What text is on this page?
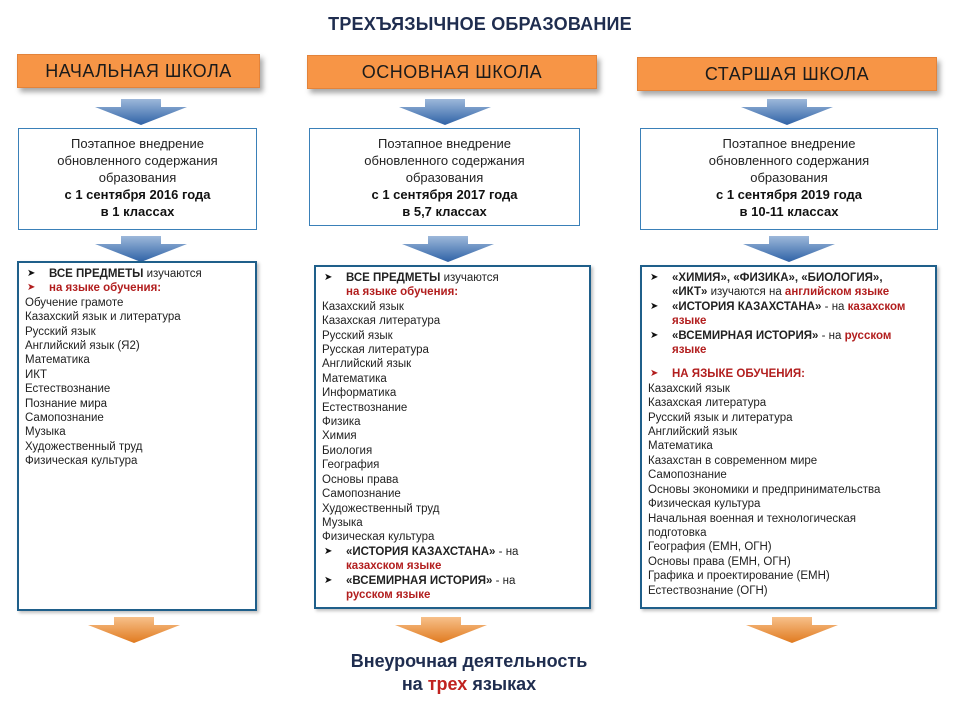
ТРЕХЪЯЗЫЧНОЕ ОБРАЗОВАНИЕ
НАЧАЛЬНАЯ ШКОЛА	ОСНОВНАЯ ШКОЛА	СТАРШАЯ ШКОЛА
Поэтапное внедрение
обновленного содержания
образования
с 1 сентября 2016 года
в 1 классах
Поэтапное внедрение
обновленного содержания
образования
с 1 сентября 2017 года
в 5,7 классах
Поэтапное внедрение
обновленного содержания
образования
с 1 сентября 2019 года
в 10-11 классах
➤	ВСЕ ПРЕДМЕТЫ изучаются
➤	на языке обучения:
Обучение грамоте
Казахский язык и литература
Русский язык
Английский язык (Я2)
Математика
ИКТ
Естествознание
Познание мира
Самопознание
Музыка
Художественный труд
Физическая культура
➤	ВСЕ ПРЕДМЕТЫ изучаются
на языке обучения:
Казахский язык
Казахская литература
Русский язык
Русская литература
Английский язык
Математика
Информатика
Естествознание
Физика
Химия
Биология
География
Основы права
Самопознание
Художественный труд
Музыка
Физическая культура
➤	«ИСТОРИЯ КАЗАХСТАНА» - на
казахском языке
➤	«ВСЕМИРНАЯ ИСТОРИЯ» - на
русском языке
➤	«ХИМИЯ», «ФИЗИКА», «БИОЛОГИЯ»,
«ИКТ» изучаются на английском языке
➤	«ИСТОРИЯ КАЗАХСТАНА» - на казахском
языке
➤	«ВСЕМИРНАЯ ИСТОРИЯ» - на русском
языке
➤	НА ЯЗЫКЕ ОБУЧЕНИЯ:
Казахский язык
Казахская литература
Русский язык и литература
Английский язык
Математика
Казахстан в современном мире
Самопознание
Основы экономики и предпринимательства
Физическая культура
Начальная военная и технологическая
подготовка
География (ЕМН, ОГН)
Основы права (ЕМН, ОГН)
Графика и проектирование (ЕМН)
Естествознание (ОГН)
Внеурочная деятельность
на трех языках
